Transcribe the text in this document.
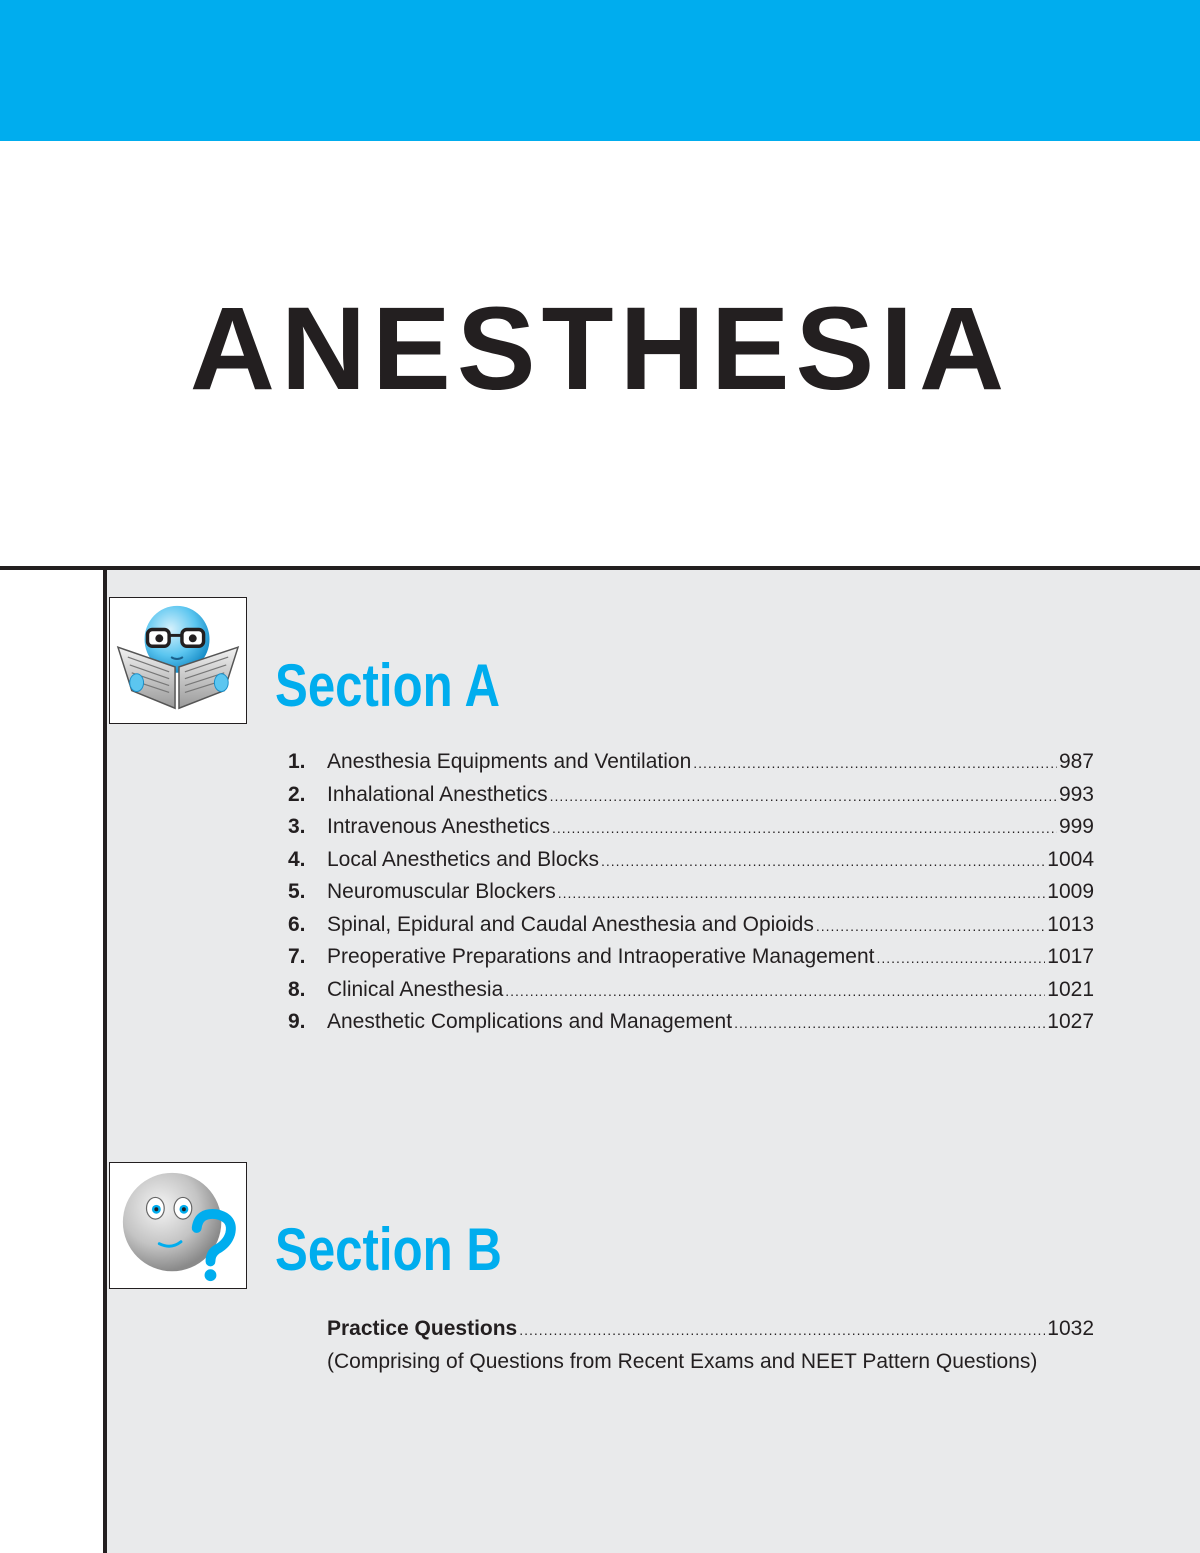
ANESTHESIA
Section A
1.	Anesthesia Equipments and Ventilation .....	987
2.	Inhalational Anesthetics .....	993
3.	Intravenous Anesthetics .....	999
4.	Local Anesthetics and Blocks .....	1004
5.	Neuromuscular Blockers .....	1009
6.	Spinal, Epidural and Caudal Anesthesia and Opioids .....	1013
7.	Preoperative Preparations and Intraoperative Management .....	1017
8.	Clinical Anesthesia .....	1021
9.	Anesthetic Complications and Management .....	1027
Section B
Practice Questions .....	1032
(Comprising of Questions from Recent Exams and NEET Pattern Questions)
